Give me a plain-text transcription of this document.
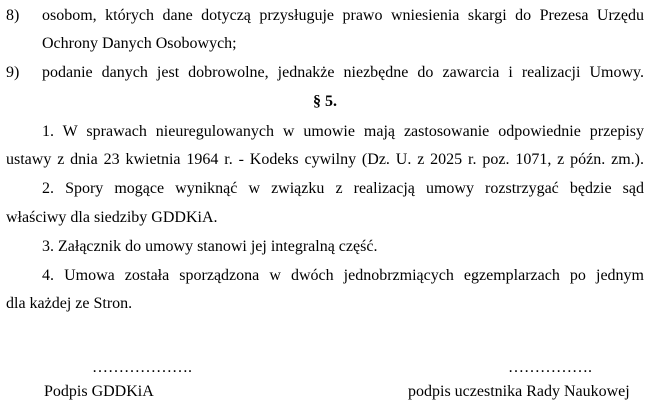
8) osobom, których dane dotyczą przysługuje prawo wniesienia skargi do Prezesa Urzędu
Ochrony Danych Osobowych;
9) podanie danych jest dobrowolne, jednakże niezbędne do zawarcia i realizacji Umowy.
§ 5.
1. W sprawach nieuregulowanych w umowie mają zastosowanie odpowiednie przepisy
ustawy z dnia 23 kwietnia 1964 r. - Kodeks cywilny (Dz. U. z 2025 r. poz. 1071, z późn. zm.).
2. Spory mogące wyniknąć w związku z realizacją umowy rozstrzygać będzie sąd
właściwy dla siedziby GDDKiA.
3. Załącznik do umowy stanowi jej integralną część.
4. Umowa została sporządzona w dwóch jednobrzmiących egzemplarzach po jednym
dla każdej ze Stron.
……………….	…………….
Podpis GDDKiA	podpis uczestnika Rady Naukowej
